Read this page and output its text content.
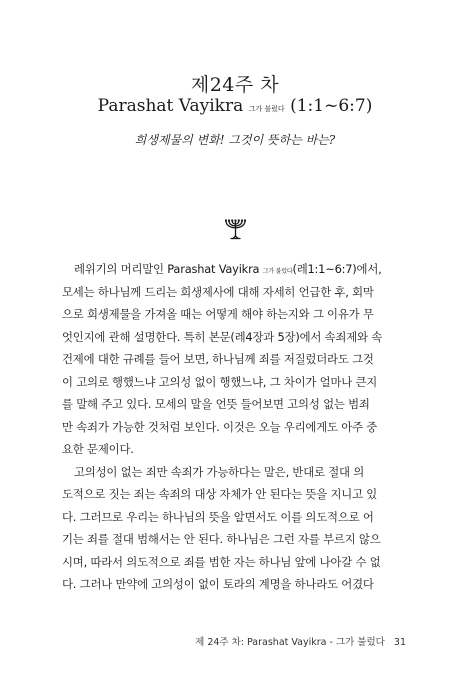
제24주 차
Parashat Vayikra 그가 불렀다 (1:1~6:7)
희생제물의 변화! 그것이 뜻하는 바는?
레위기의 머리말인 Parashat Vayikra 그가 불렀다(레1:1~6:7)에서,
모세는 하나님께 드리는 희생제사에 대해 자세히 언급한 후, 회막
으로 희생제물을 가져올 때는 어떻게 해야 하는지와 그 이유가 무
엇인지에 관해 설명한다. 특히 본문(레4장과 5장)에서 속죄제와 속
건제에 대한 규례를 들어 보면, 하나님께 죄를 저질렀더라도 그것
이 고의로 행했느냐 고의성 없이 행했느냐, 그 차이가 얼마나 큰지
를 말해 주고 있다. 모세의 말을 언뜻 들어보면 고의성 없는 범죄
만 속죄가 가능한 것처럼 보인다. 이것은 오늘 우리에게도 아주 중
요한 문제이다.
고의성이 없는 죄만 속죄가 가능하다는 말은, 반대로 절대 의
도적으로 짓는 죄는 속죄의 대상 자체가 안 된다는 뜻을 지니고 있
다. 그러므로 우리는 하나님의 뜻을 알면서도 이를 의도적으로 어
기는 죄를 절대 범해서는 안 된다. 하나님은 그런 자를 부르지 않으
시며, 따라서 의도적으로 죄를 범한 자는 하나님 앞에 나아갈 수 없
다. 그러나 만약에 고의성이 없이 토라의 계명을 하나라도 어겼다
제 24주 차: Parashat Vayikra - 그가 불렀다 31
